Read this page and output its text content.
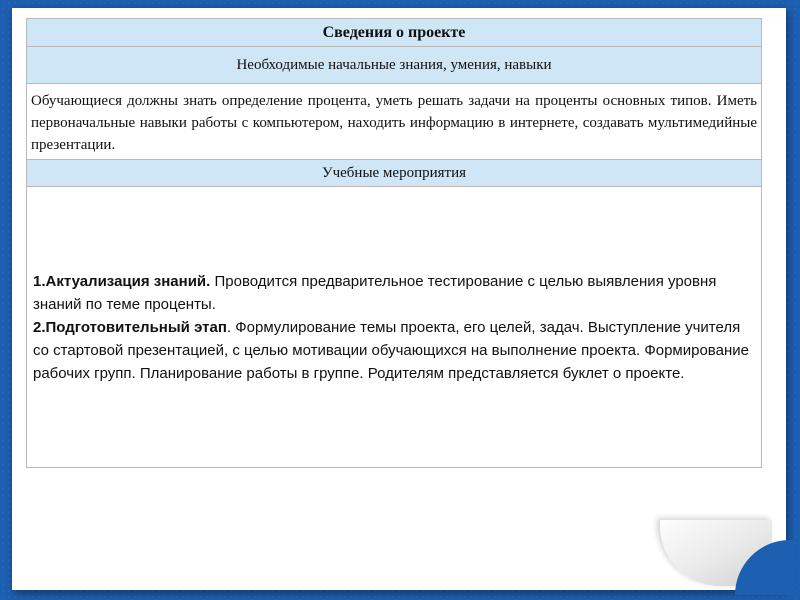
Сведения о проекте
Необходимые начальные знания, умения, навыки
Обучающиеся должны знать определение процента, уметь решать задачи на проценты основных типов. Иметь первоначальные навыки работы с компьютером, находить информацию в интернете, создавать мультимедийные презентации.
Учебные мероприятия

1.Актуализация знаний. Проводится предварительное тестирование с целью выявления уровня знаний по теме проценты.
2.Подготовительный этап. Формулирование темы проекта, его целей, задач. Выступление учителя со стартовой презентацией, с целью мотивации обучающихся на выполнение проекта. Формирование рабочих групп. Планирование работы в группе. Родителям представляется буклет о проекте.
